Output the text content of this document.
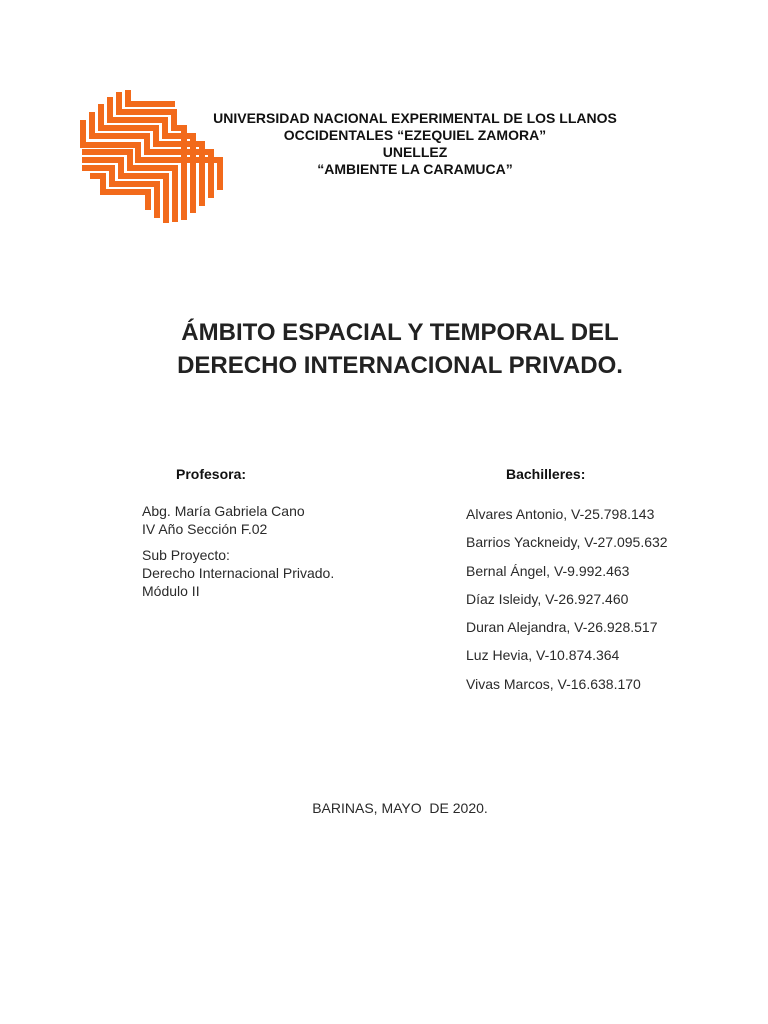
UNIVERSIDAD NACIONAL EXPERIMENTAL DE LOS LLANOS
OCCIDENTALES “EZEQUIEL ZAMORA”
UNELLEZ
“AMBIENTE LA CARAMUCA”
ÁMBITO ESPACIAL Y TEMPORAL DEL
DERECHO INTERNACIONAL PRIVADO.
Profesora:	Bachilleres:
Abg. María Gabriela Cano
IV Año Sección F.02
Sub Proyecto:
Derecho Internacional Privado.
Módulo II
Alvares Antonio, V-25.798.143
Barrios Yackneidy, V-27.095.632
Bernal Ángel, V-9.992.463
Díaz Isleidy, V-26.927.460
Duran Alejandra, V-26.928.517
Luz Hevia, V-10.874.364
Vivas Marcos, V-16.638.170
BARINAS, MAYO  DE 2020.
